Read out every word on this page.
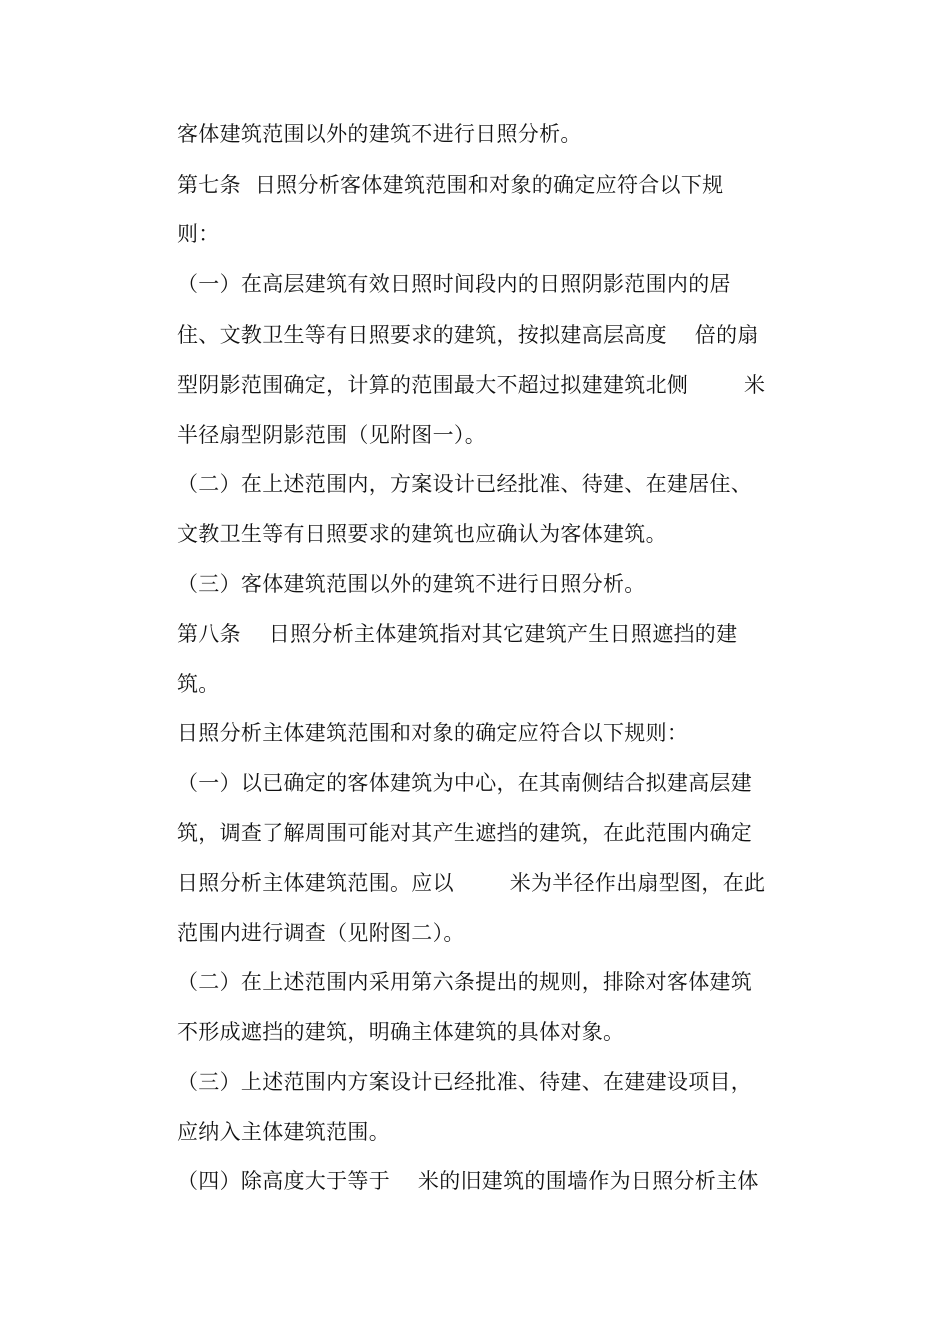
客体建筑范围以外的建筑不进行日照分析。
第七条  日照分析客体建筑范围和对象的确定应符合以下规
则：
（一）在高层建筑有效日照时间段内的日照阴影范围内的居
住、文教卫生等有日照要求的建筑，按拟建高层高度    倍的扇
型阴影范围确定，计算的范围最大不超过拟建建筑北侧        米
半径扇型阴影范围（见附图一）。
（二）在上述范围内，方案设计已经批准、待建、在建居住、
文教卫生等有日照要求的建筑也应确认为客体建筑。
（三）客体建筑范围以外的建筑不进行日照分析。
第八条    日照分析主体建筑指对其它建筑产生日照遮挡的建
筑。
日照分析主体建筑范围和对象的确定应符合以下规则：
（一）以已确定的客体建筑为中心，在其南侧结合拟建高层建
筑，调查了解周围可能对其产生遮挡的建筑，在此范围内确定
日照分析主体建筑范围。应以        米为半径作出扇型图，在此
范围内进行调查（见附图二）。
（二）在上述范围内采用第六条提出的规则，排除对客体建筑
不形成遮挡的建筑，明确主体建筑的具体对象。
（三）上述范围内方案设计已经批准、待建、在建建设项目，
应纳入主体建筑范围。
（四）除高度大于等于    米的旧建筑的围墙作为日照分析主体
